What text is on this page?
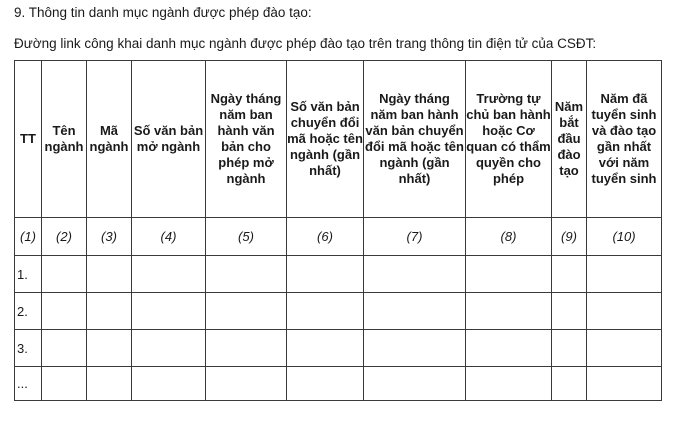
9. Thông tin danh mục ngành được phép đào tạo:
Đường link công khai danh mục ngành được phép đào tạo trên trang thông tin điện tử của CSĐT:
TT	Tên ngành	Mã ngành	Số văn bản mở ngành	Ngày tháng năm ban hành văn bản cho phép mở ngành	Số văn bản chuyển đổi mã hoặc tên ngành (gần nhất)	Ngày tháng năm ban hành văn bản chuyển đổi mã hoặc tên ngành (gần nhất)	Trường tự chủ ban hành hoặc Cơ quan có thẩm quyền cho phép	Năm bắt đầu đào tạo	Năm đã tuyển sinh và đào tạo gần nhất với năm tuyển sinh
(1)	(2)	(3)	(4)	(5)	(6)	(7)	(8)	(9)	(10)
1.									
2.									
3.									
...									
